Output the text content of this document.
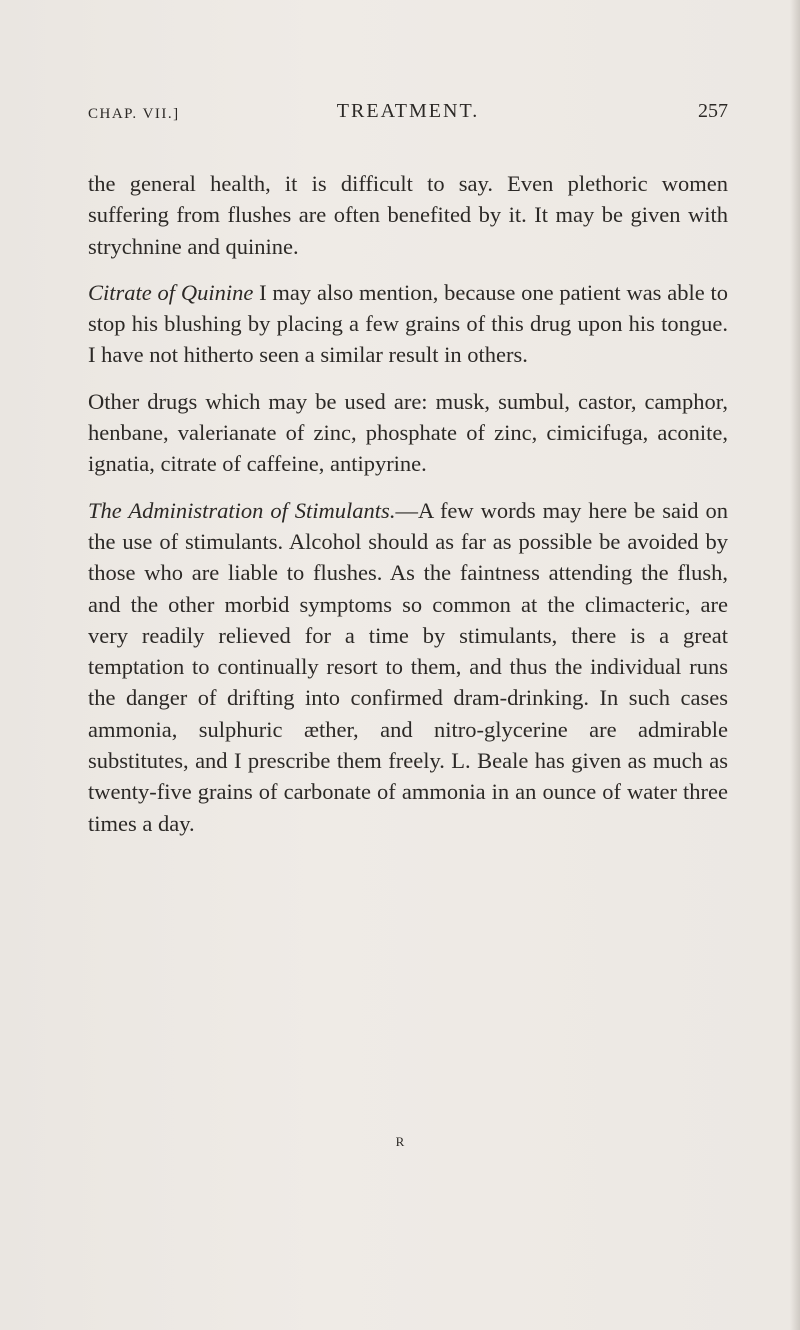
CHAP. VII.]	TREATMENT.	257

the general health, it is difficult to say. Even plethoric women suffering from flushes are often benefited by it. It may be given with strychnine and quinine.

Citrate of Quinine I may also mention, because one patient was able to stop his blushing by placing a few grains of this drug upon his tongue. I have not hitherto seen a similar result in others.

Other drugs which may be used are: musk, sumbul, castor, camphor, henbane, valerianate of zinc, phosphate of zinc, cimicifuga, aconite, ignatia, citrate of caffeine, antipyrine.

The Administration of Stimulants.—A few words may here be said on the use of stimulants. Alcohol should as far as possible be avoided by those who are liable to flushes. As the faintness attending the flush, and the other morbid symptoms so common at the climacteric, are very readily relieved for a time by stimulants, there is a great temptation to continually resort to them, and thus the individual runs the danger of drifting into confirmed dram-drinking. In such cases ammonia, sulphuric æther, and nitro-glycerine are admirable substitutes, and I prescribe them freely. L. Beale has given as much as twenty-five grains of carbonate of ammonia in an ounce of water three times a day.

R
